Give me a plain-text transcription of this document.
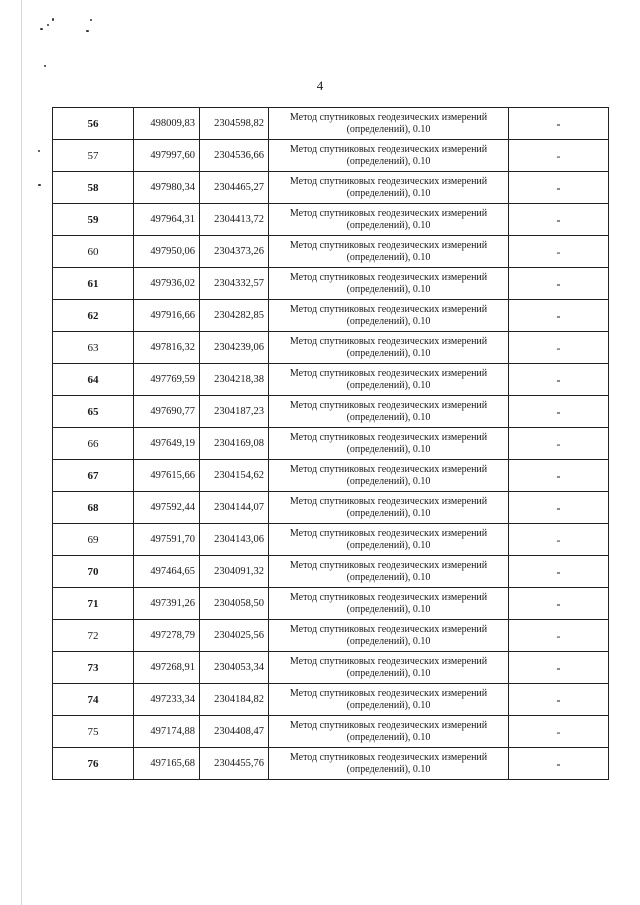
4
56	498009,83	2304598,82	Метод спутниковых геодезических измерений
(определений), 0.10	-
57	497997,60	2304536,66	Метод спутниковых геодезических измерений
(определений), 0.10	-
58	497980,34	2304465,27	Метод спутниковых геодезических измерений
(определений), 0.10	-
59	497964,31	2304413,72	Метод спутниковых геодезических измерений
(определений), 0.10	-
60	497950,06	2304373,26	Метод спутниковых геодезических измерений
(определений), 0.10	-
61	497936,02	2304332,57	Метод спутниковых геодезических измерений
(определений), 0.10	-
62	497916,66	2304282,85	Метод спутниковых геодезических измерений
(определений), 0.10	-
63	497816,32	2304239,06	Метод спутниковых геодезических измерений
(определений), 0.10	-
64	497769,59	2304218,38	Метод спутниковых геодезических измерений
(определений), 0.10	-
65	497690,77	2304187,23	Метод спутниковых геодезических измерений
(определений), 0.10	-
66	497649,19	2304169,08	Метод спутниковых геодезических измерений
(определений), 0.10	-
67	497615,66	2304154,62	Метод спутниковых геодезических измерений
(определений), 0.10	-
68	497592,44	2304144,07	Метод спутниковых геодезических измерений
(определений), 0.10	-
69	497591,70	2304143,06	Метод спутниковых геодезических измерений
(определений), 0.10	-
70	497464,65	2304091,32	Метод спутниковых геодезических измерений
(определений), 0.10	-
71	497391,26	2304058,50	Метод спутниковых геодезических измерений
(определений), 0.10	-
72	497278,79	2304025,56	Метод спутниковых геодезических измерений
(определений), 0.10	-
73	497268,91	2304053,34	Метод спутниковых геодезических измерений
(определений), 0.10	-
74	497233,34	2304184,82	Метод спутниковых геодезических измерений
(определений), 0.10	-
75	497174,88	2304408,47	Метод спутниковых геодезических измерений
(определений), 0.10	-
76	497165,68	2304455,76	Метод спутниковых геодезических измерений
(определений), 0.10	-
